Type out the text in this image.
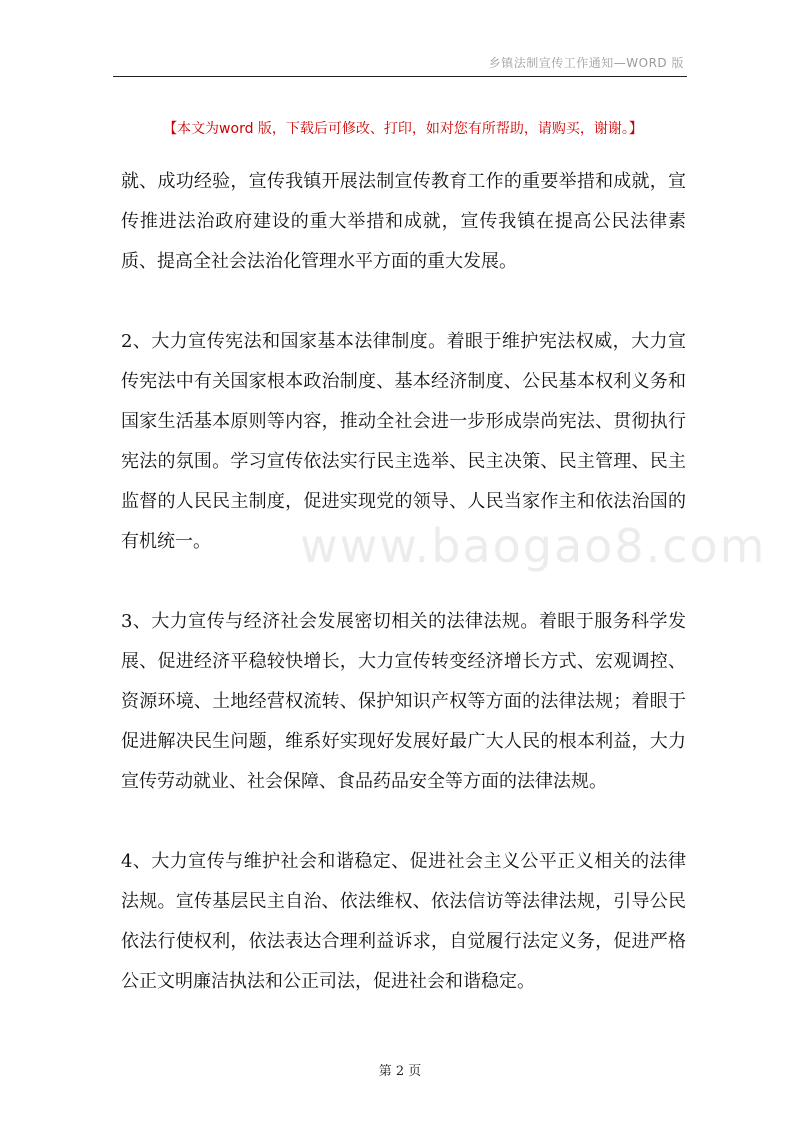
乡镇法制宣传工作通知—WORD 版
【本文为word 版，下载后可修改、打印，如对您有所帮助，请购买，谢谢。】

就、成功经验，宣传我镇开展法制宣传教育工作的重要举措和成就，宣传推进法治政府建设的重大举措和成就，宣传我镇在提高公民法律素质、提高全社会法治化管理水平方面的重大发展。

2、大力宣传宪法和国家基本法律制度。着眼于维护宪法权威，大力宣传宪法中有关国家根本政治制度、基本经济制度、公民基本权利义务和国家生活基本原则等内容，推动全社会进一步形成崇尚宪法、贯彻执行宪法的氛围。学习宣传依法实行民主选举、民主决策、民主管理、民主监督的人民民主制度，促进实现党的领导、人民当家作主和依法治国的有机统一。

3、大力宣传与经济社会发展密切相关的法律法规。着眼于服务科学发展、促进经济平稳较快增长，大力宣传转变经济增长方式、宏观调控、资源环境、土地经营权流转、保护知识产权等方面的法律法规；着眼于促进解决民生问题，维系好实现好发展好最广大人民的根本利益，大力宣传劳动就业、社会保障、食品药品安全等方面的法律法规。

4、大力宣传与维护社会和谐稳定、促进社会主义公平正义相关的法律法规。宣传基层民主自治、依法维权、依法信访等法律法规，引导公民依法行使权利，依法表达合理利益诉求，自觉履行法定义务，促进严格公正文明廉洁执法和公正司法，促进社会和谐稳定。

www.baogao8.com
第 2 页
